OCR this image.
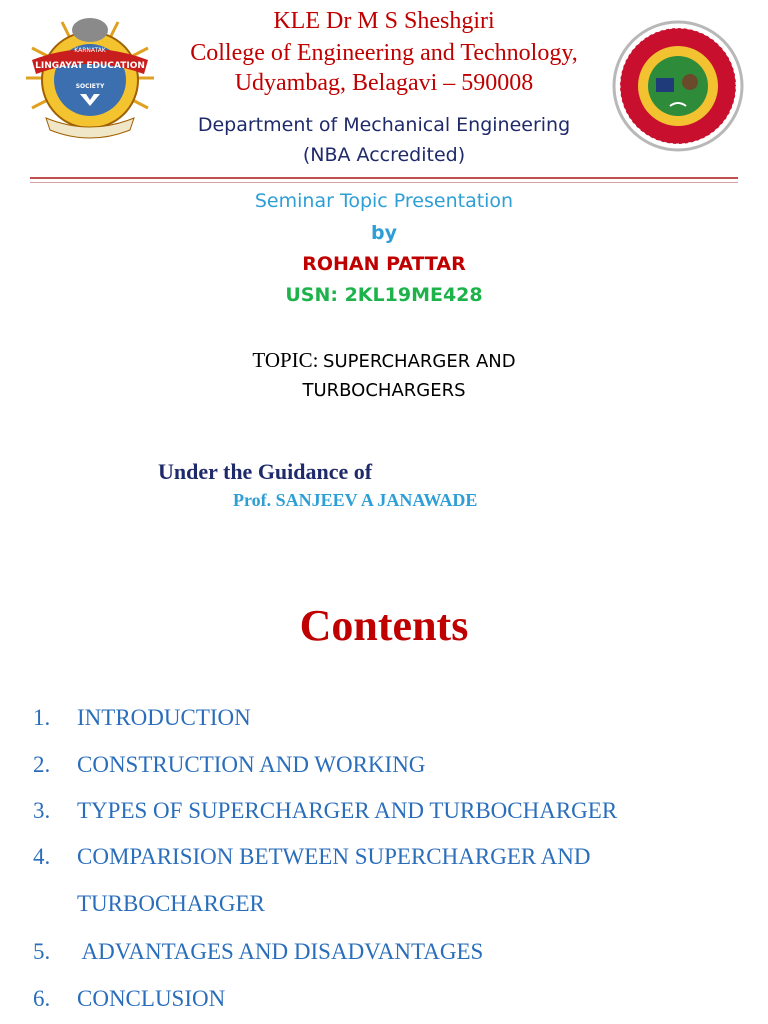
LINGAYAT EDUCATION
KARNATAK
SOCIETY
KLE Dr M S Sheshgiri
College of Engineering and Technology,
Udyambag, Belagavi – 590008
Department of Mechanical Engineering
(NBA Accredited)
Seminar Topic Presentation
by
ROHAN PATTAR
USN: 2KL19ME428
TOPIC: SUPERCHARGER AND
TURBOCHARGERS
Under the Guidance of
Prof. SANJEEV A JANAWADE
Contents
1. INTRODUCTION
2. CONSTRUCTION AND WORKING
3. TYPES OF SUPERCHARGER AND TURBOCHARGER
4. COMPARISION BETWEEN SUPERCHARGER AND
TURBOCHARGER
5. ADVANTAGES AND DISADVANTAGES
6. CONCLUSION
